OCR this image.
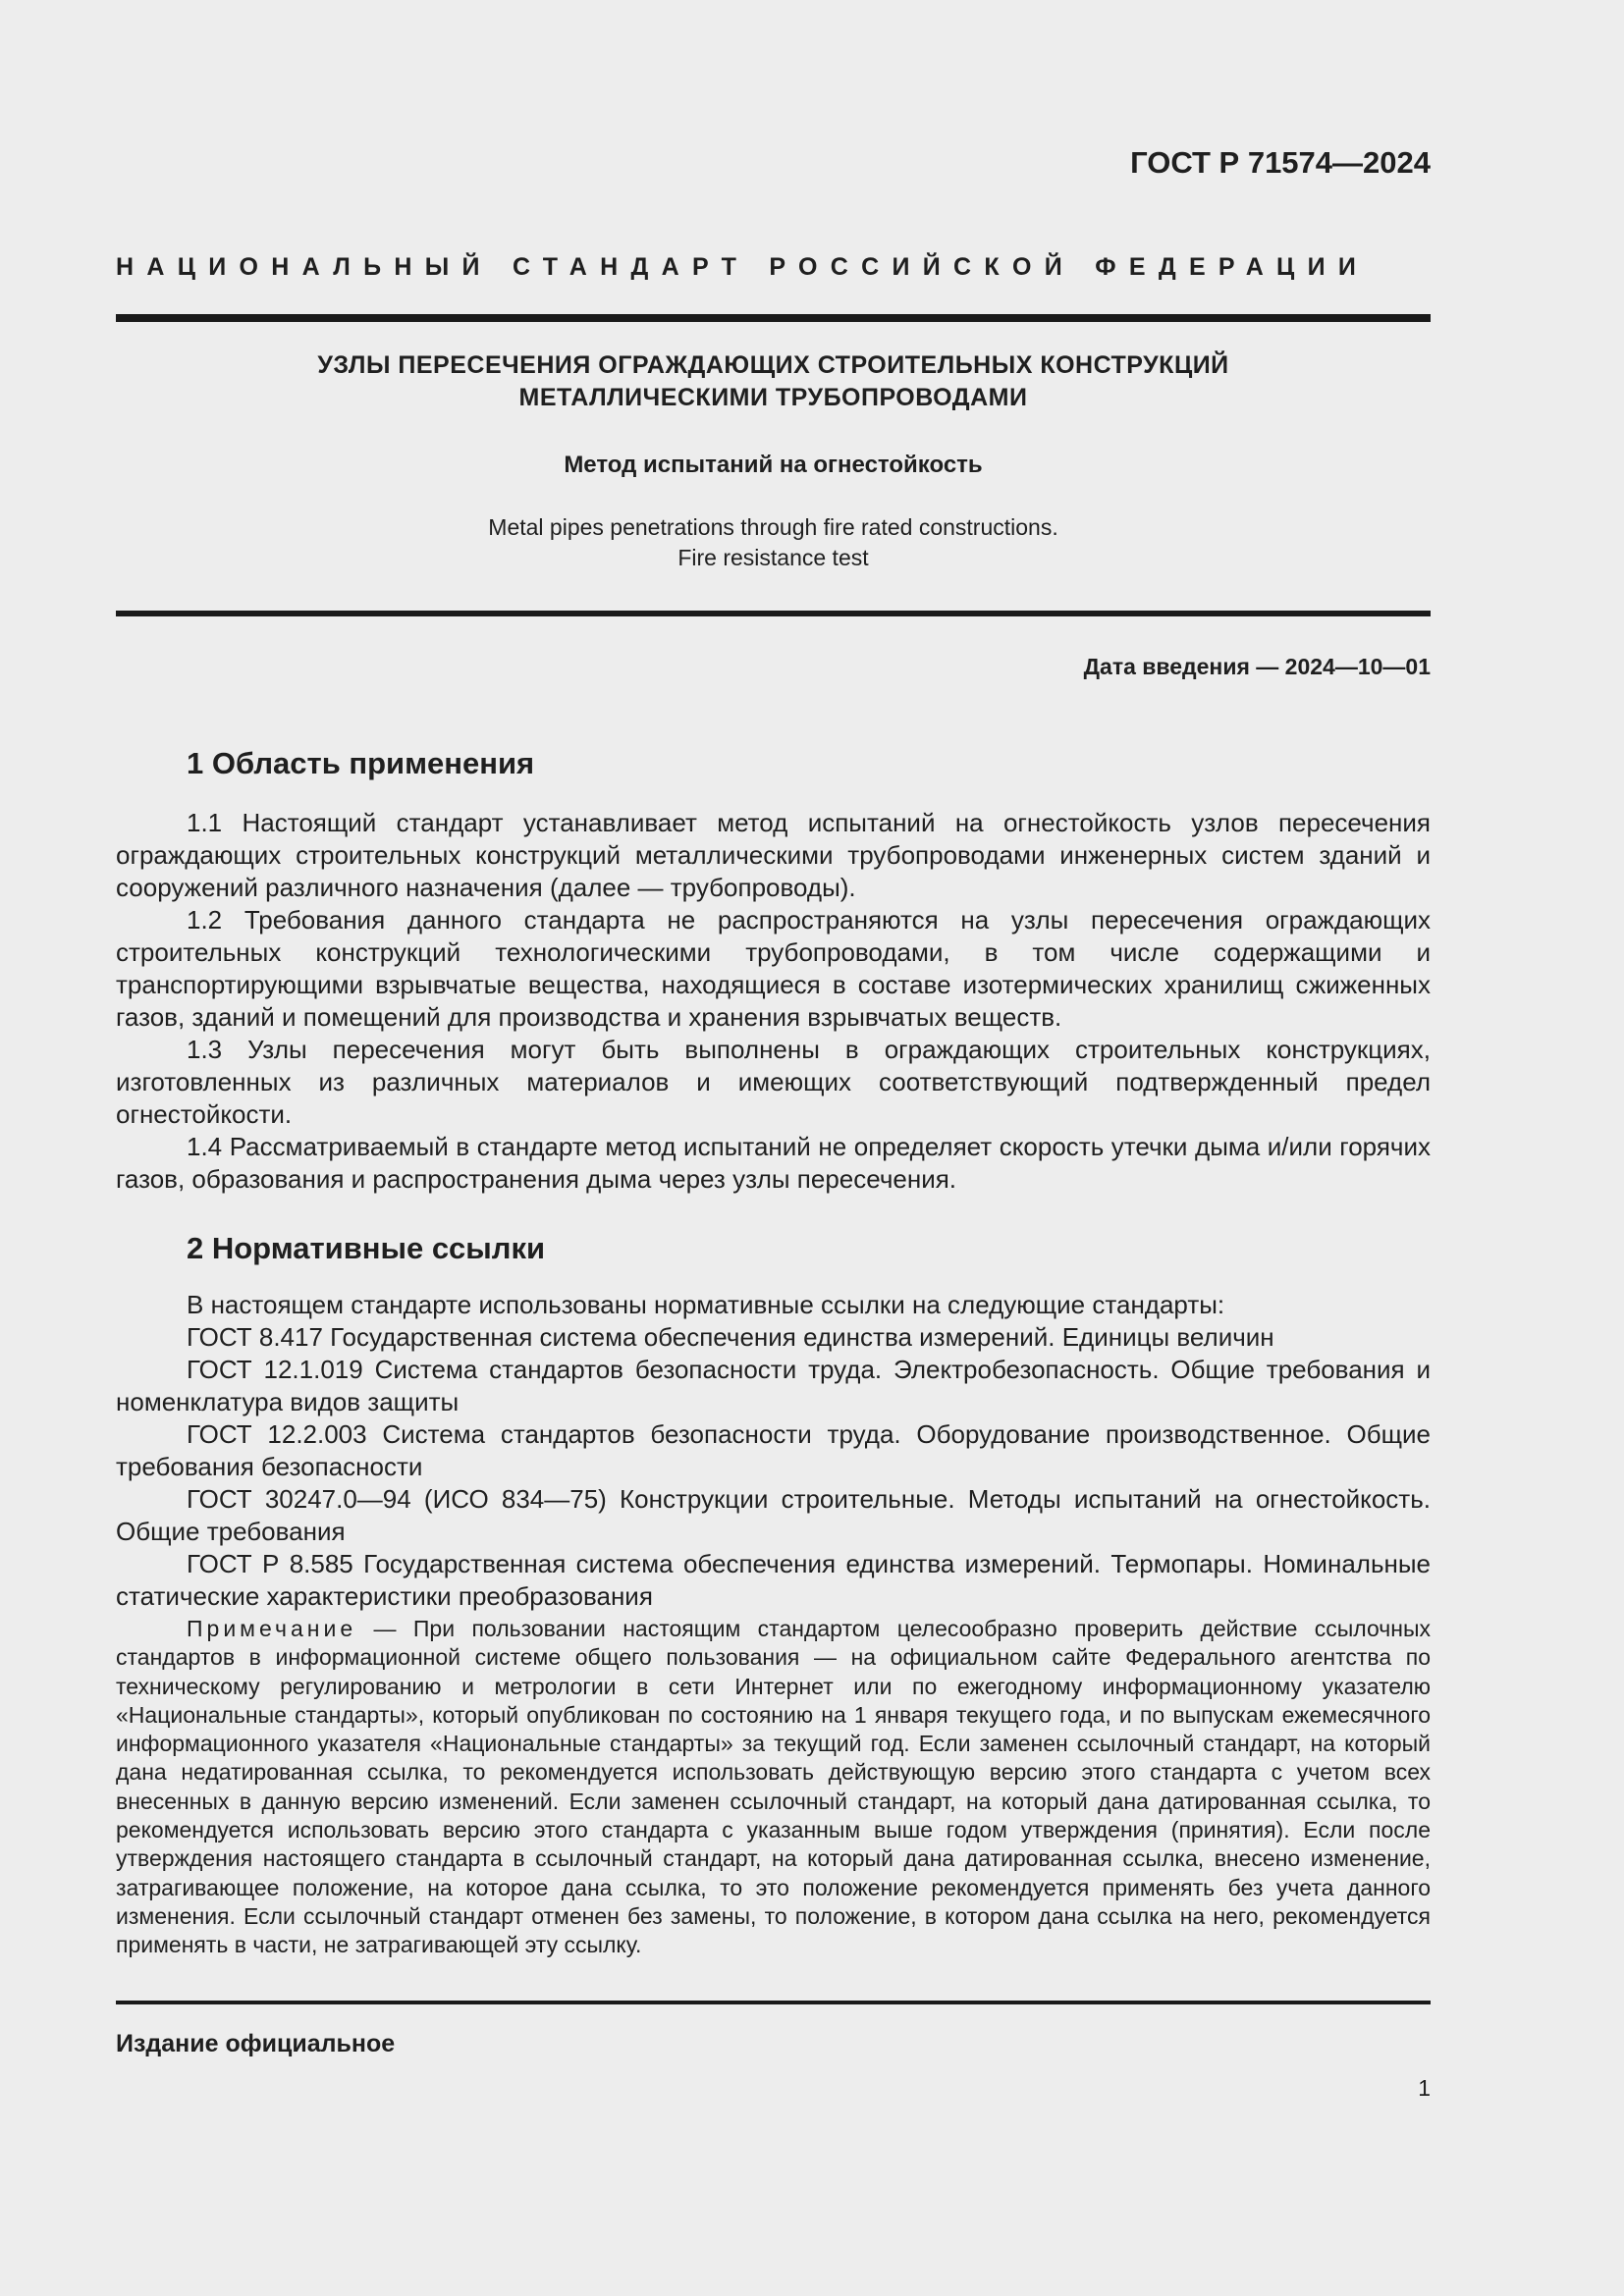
ГОСТ Р 71574—2024
НАЦИОНАЛЬНЫЙ СТАНДАРТ РОССИЙСКОЙ ФЕДЕРАЦИИ
УЗЛЫ ПЕРЕСЕЧЕНИЯ ОГРАЖДАЮЩИХ СТРОИТЕЛЬНЫХ КОНСТРУКЦИЙ
МЕТАЛЛИЧЕСКИМИ ТРУБОПРОВОДАМИ
Метод испытаний на огнестойкость
Metal pipes penetrations through fire rated constructions.
Fire resistance test
Дата введения — 2024—10—01
1 Область применения

1.1 Настоящий стандарт устанавливает метод испытаний на огнестойкость узлов пересечения ограждающих строительных конструкций металлическими трубопроводами инженерных систем зданий и сооружений различного назначения (далее — трубопроводы).

1.2 Требования данного стандарта не распространяются на узлы пересечения ограждающих строительных конструкций технологическими трубопроводами, в том числе содержащими и транспортирующими взрывчатые вещества, находящиеся в составе изотермических хранилищ сжиженных газов, зданий и помещений для производства и хранения взрывчатых веществ.

1.3 Узлы пересечения могут быть выполнены в ограждающих строительных конструкциях, изготовленных из различных материалов и имеющих соответствующий подтвержденный предел огнестойкости.

1.4 Рассматриваемый в стандарте метод испытаний не определяет скорость утечки дыма и/или горячих газов, образования и распространения дыма через узлы пересечения.

2 Нормативные ссылки

В настоящем стандарте использованы нормативные ссылки на следующие стандарты:

ГОСТ 8.417 Государственная система обеспечения единства измерений. Единицы величин

ГОСТ 12.1.019 Система стандартов безопасности труда. Электробезопасность. Общие требования и номенклатура видов защиты

ГОСТ 12.2.003 Система стандартов безопасности труда. Оборудование производственное. Общие требования безопасности

ГОСТ 30247.0—94 (ИСО 834—75) Конструкции строительные. Методы испытаний на огнестойкость. Общие требования

ГОСТ Р 8.585 Государственная система обеспечения единства измерений. Термопары. Номинальные статические характеристики преобразования

Примечание — При пользовании настоящим стандартом целесообразно проверить действие ссылочных стандартов в информационной системе общего пользования — на официальном сайте Федерального агентства по техническому регулированию и метрологии в сети Интернет или по ежегодному информационному указателю «Национальные стандарты», который опубликован по состоянию на 1 января текущего года, и по выпускам ежемесячного информационного указателя «Национальные стандарты» за текущий год. Если заменен ссылочный стандарт, на который дана недатированная ссылка, то рекомендуется использовать действующую версию этого стандарта с учетом всех внесенных в данную версию изменений. Если заменен ссылочный стандарт, на который дана датированная ссылка, то рекомендуется использовать версию этого стандарта с указанным выше годом утверждения (принятия). Если после утверждения настоящего стандарта в ссылочный стандарт, на который дана датированная ссылка, внесено изменение, затрагивающее положение, на которое дана ссылка, то это положение рекомендуется применять без учета данного изменения. Если ссылочный стандарт отменен без замены, то положение, в котором дана ссылка на него, рекомендуется применять в части, не затрагивающей эту ссылку.

Издание официальное
1
